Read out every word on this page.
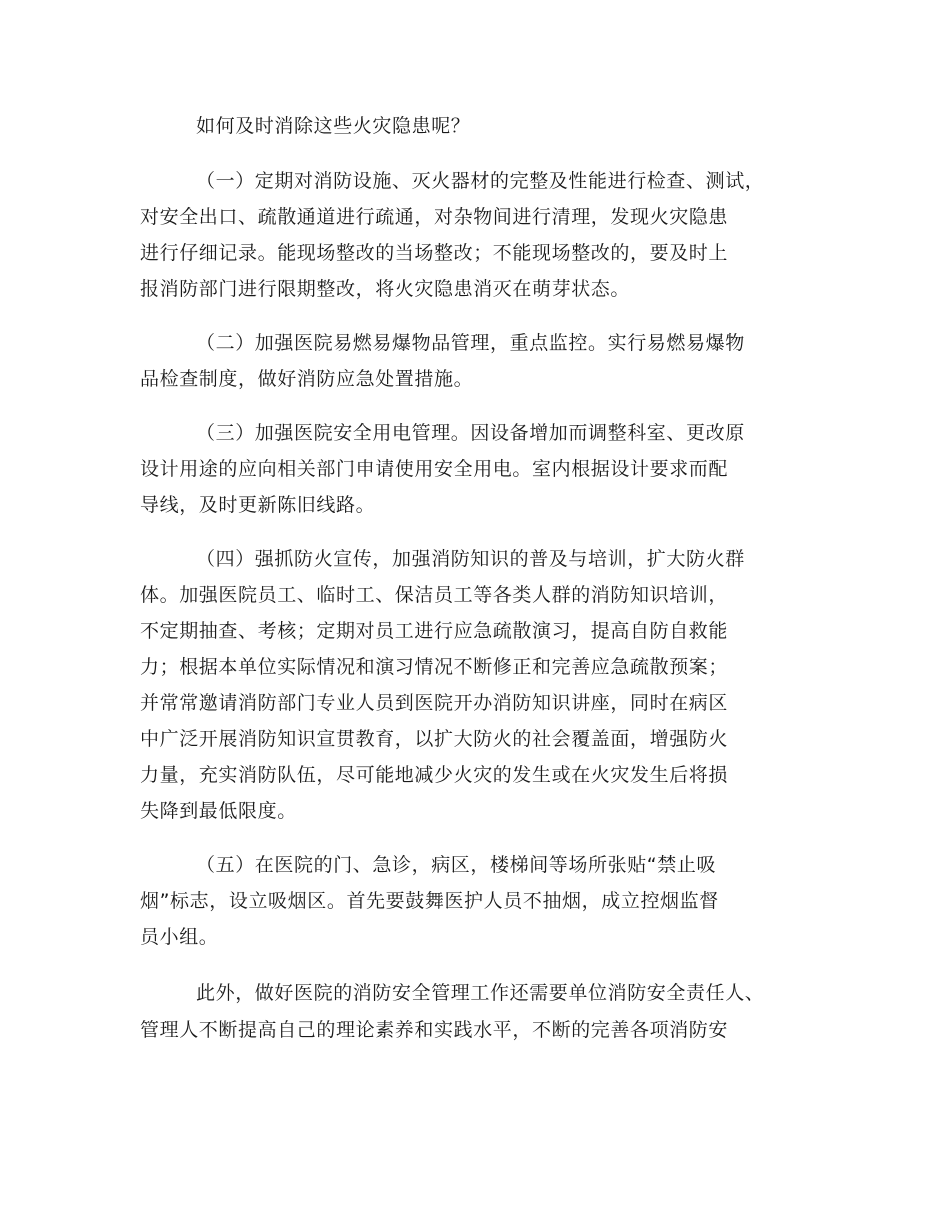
如何及时消除这些火灾隐患呢？
（一）定期对消防设施、灭火器材的完整及性能进行检查、测试，
对安全出口、疏散通道进行疏通，对杂物间进行清理，发现火灾隐患
进行仔细记录。能现场整改的当场整改；不能现场整改的，要及时上
报消防部门进行限期整改，将火灾隐患消灭在萌芽状态。
（二）加强医院易燃易爆物品管理，重点监控。实行易燃易爆物
品检查制度，做好消防应急处置措施。
（三）加强医院安全用电管理。因设备增加而调整科室、更改原
设计用途的应向相关部门申请使用安全用电。室内根据设计要求而配
导线，及时更新陈旧线路。
（四）强抓防火宣传，加强消防知识的普及与培训，扩大防火群
体。加强医院员工、临时工、保洁员工等各类人群的消防知识培训，
不定期抽查、考核；定期对员工进行应急疏散演习，提高自防自救能
力；根据本单位实际情况和演习情况不断修正和完善应急疏散预案；
并常常邀请消防部门专业人员到医院开办消防知识讲座，同时在病区
中广泛开展消防知识宣贯教育，以扩大防火的社会覆盖面，增强防火
力量，充实消防队伍，尽可能地减少火灾的发生或在火灾发生后将损
失降到最低限度。
（五）在医院的门、急诊，病区，楼梯间等场所张贴“禁止吸
烟”标志，设立吸烟区。首先要鼓舞医护人员不抽烟，成立控烟监督
员小组。
此外，做好医院的消防安全管理工作还需要单位消防安全责任人、
管理人不断提高自己的理论素养和实践水平，不断的完善各项消防安
